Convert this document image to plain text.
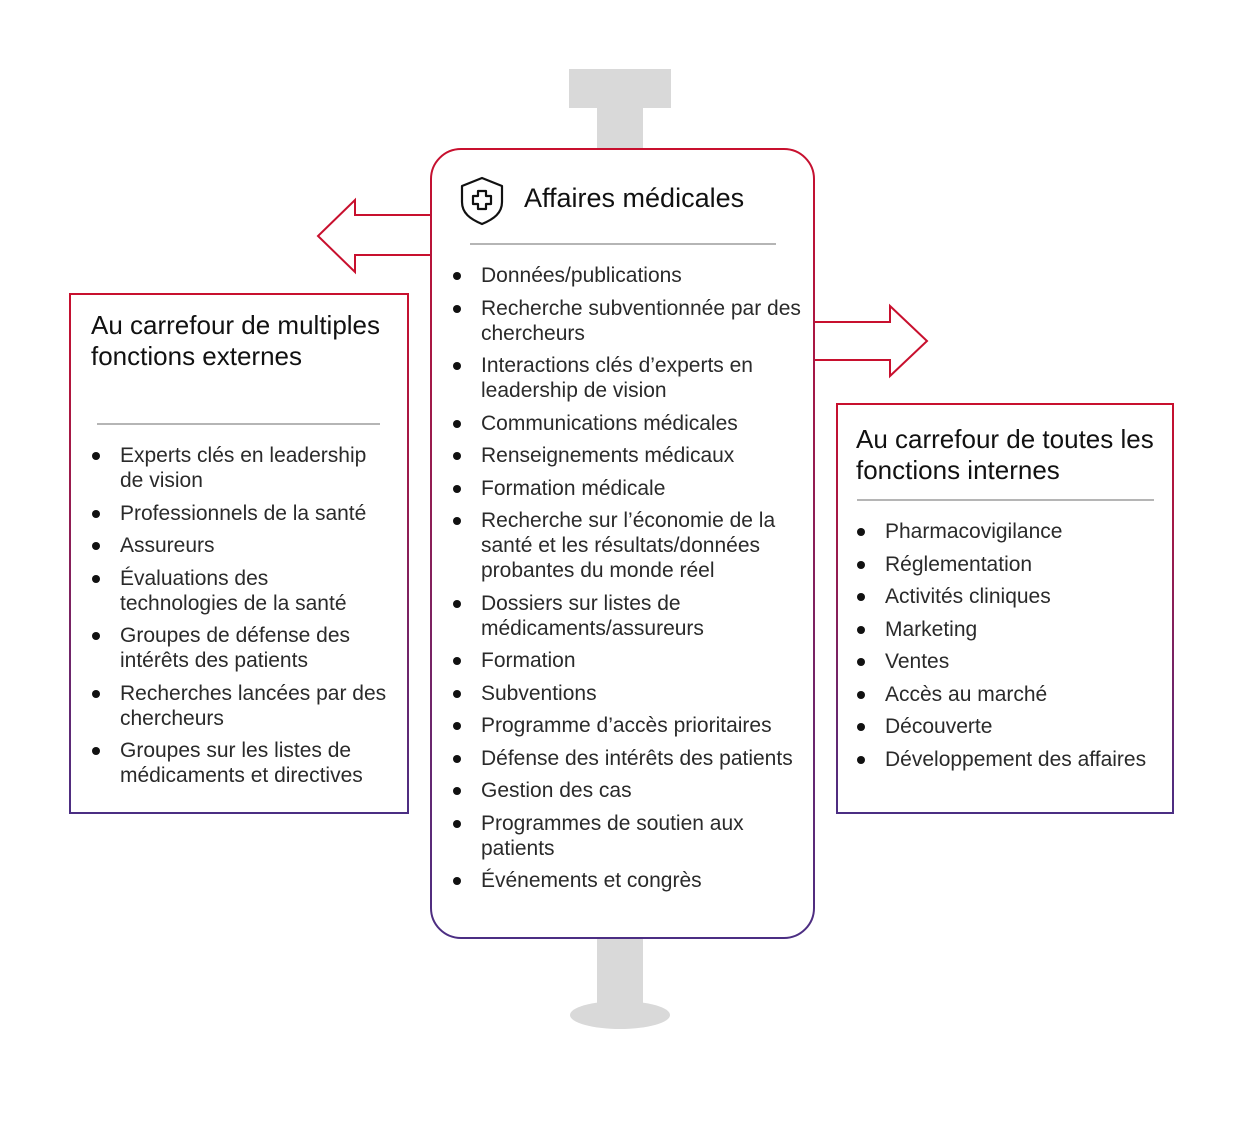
Affaires médicales
Données/publications
Recherche subventionnée par des chercheurs
Interactions clés d’experts en leadership de vision
Communications médicales
Renseignements médicaux
Formation médicale
Recherche sur l’économie de la santé et les résultats/données probantes du monde réel
Dossiers sur listes de médicaments/assureurs
Formation
Subventions
Programme d’accès prioritaires
Défense des intérêts des patients
Gestion des cas
Programmes de soutien aux patients
Événements et congrès
Au carrefour de multiples fonctions externes
Experts clés en leadership de vision
Professionnels de la santé
Assureurs
Évaluations des technologies de la santé
Groupes de défense des intérêts des patients
Recherches lancées par des chercheurs
Groupes sur les listes de médicaments et directives
Au carrefour de toutes les fonctions internes
Pharmacovigilance
Réglementation
Activités cliniques
Marketing
Ventes
Accès au marché
Découverte
Développement des affaires
